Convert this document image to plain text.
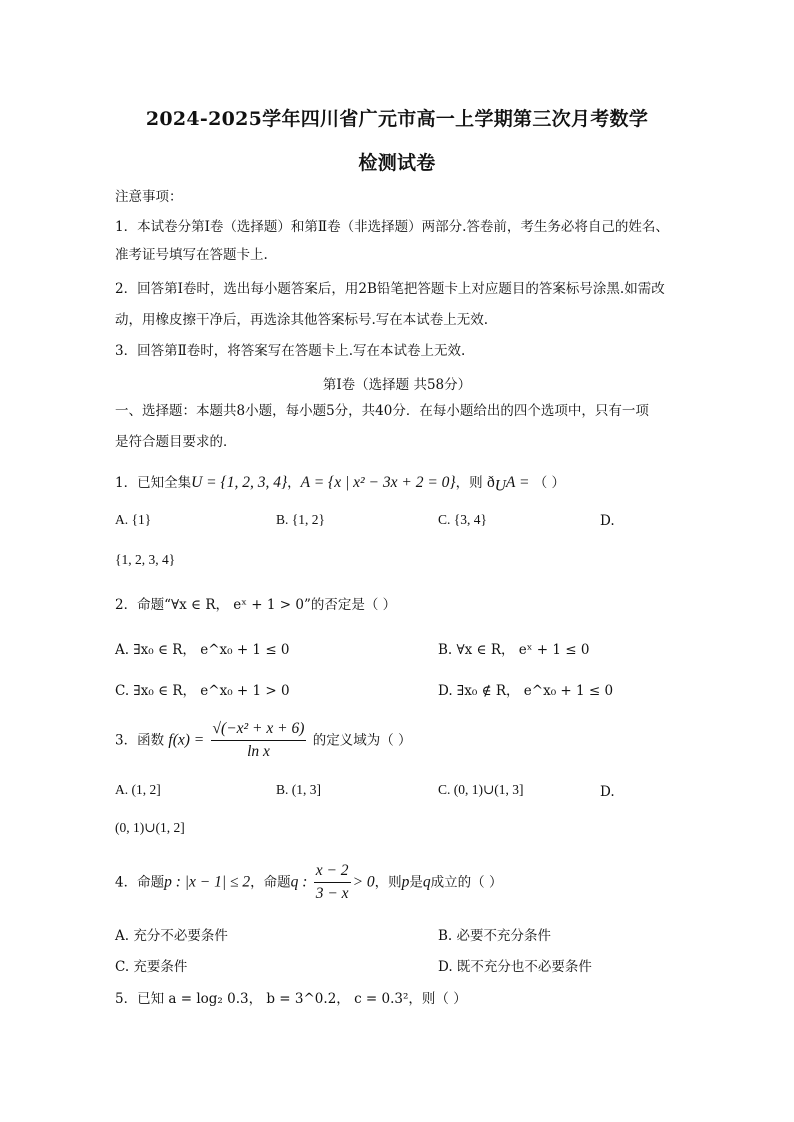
2024-2025学年四川省广元市高一上学期第三次月考数学
检测试卷
注意事项：
1．本试卷分第Ⅰ卷（选择题）和第Ⅱ卷（非选择题）两部分.答卷前，考生务必将自己的姓名、
准考证号填写在答题卡上.
2．回答第Ⅰ卷时，选出每小题答案后，用2B铅笔把答题卡上对应题目的答案标号涂黑.如需改
动，用橡皮擦干净后，再选涂其他答案标号.写在本试卷上无效.
3．回答第Ⅱ卷时，将答案写在答题卡上.写在本试卷上无效.
第Ⅰ卷（选择题 共58分）
一、选择题：本题共8小题，每小题5分，共40分．在每小题给出的四个选项中，只有一项
是符合题目要求的．
1．已知全集U = {1, 2, 3, 4}，A = {x | x² − 3x + 2 = 0}，则 $ð_UA$ = （ ）
A. {1}	B. {1, 2}	C. {3, 4}	D.
{1, 2, 3, 4}
2．命题“∀x ∈ R， eˣ + 1 > 0”的否定是（ ）
A. ∃x₀ ∈ R， e^x₀ + 1 ≤ 0	B. ∀x ∈ R， eˣ + 1 ≤ 0
C. ∃x₀ ∈ R， e^x₀ + 1 > 0	D. ∃x₀ ∉ R， e^x₀ + 1 ≤ 0
3．函数 $f(x) = \frac{\text{√(−x² + x + 6)}}{\text{ln x}}$ 的定义域为（ ）
A. (1, 2]	B. (1, 3]	C. (0, 1)∪(1, 3]	D.
(0, 1)∪(1, 2]
4．命题p : |x − 1| ≤ 2，命题q : $\frac{x - 2}{3 - x} > 0$，则p是q成立的（ ）
A. 充分不必要条件	B. 必要不充分条件
C. 充要条件	D. 既不充分也不必要条件
5．已知 a = log₂ 0.3， b = 3^0.2， c = 0.3²，则（ ）
